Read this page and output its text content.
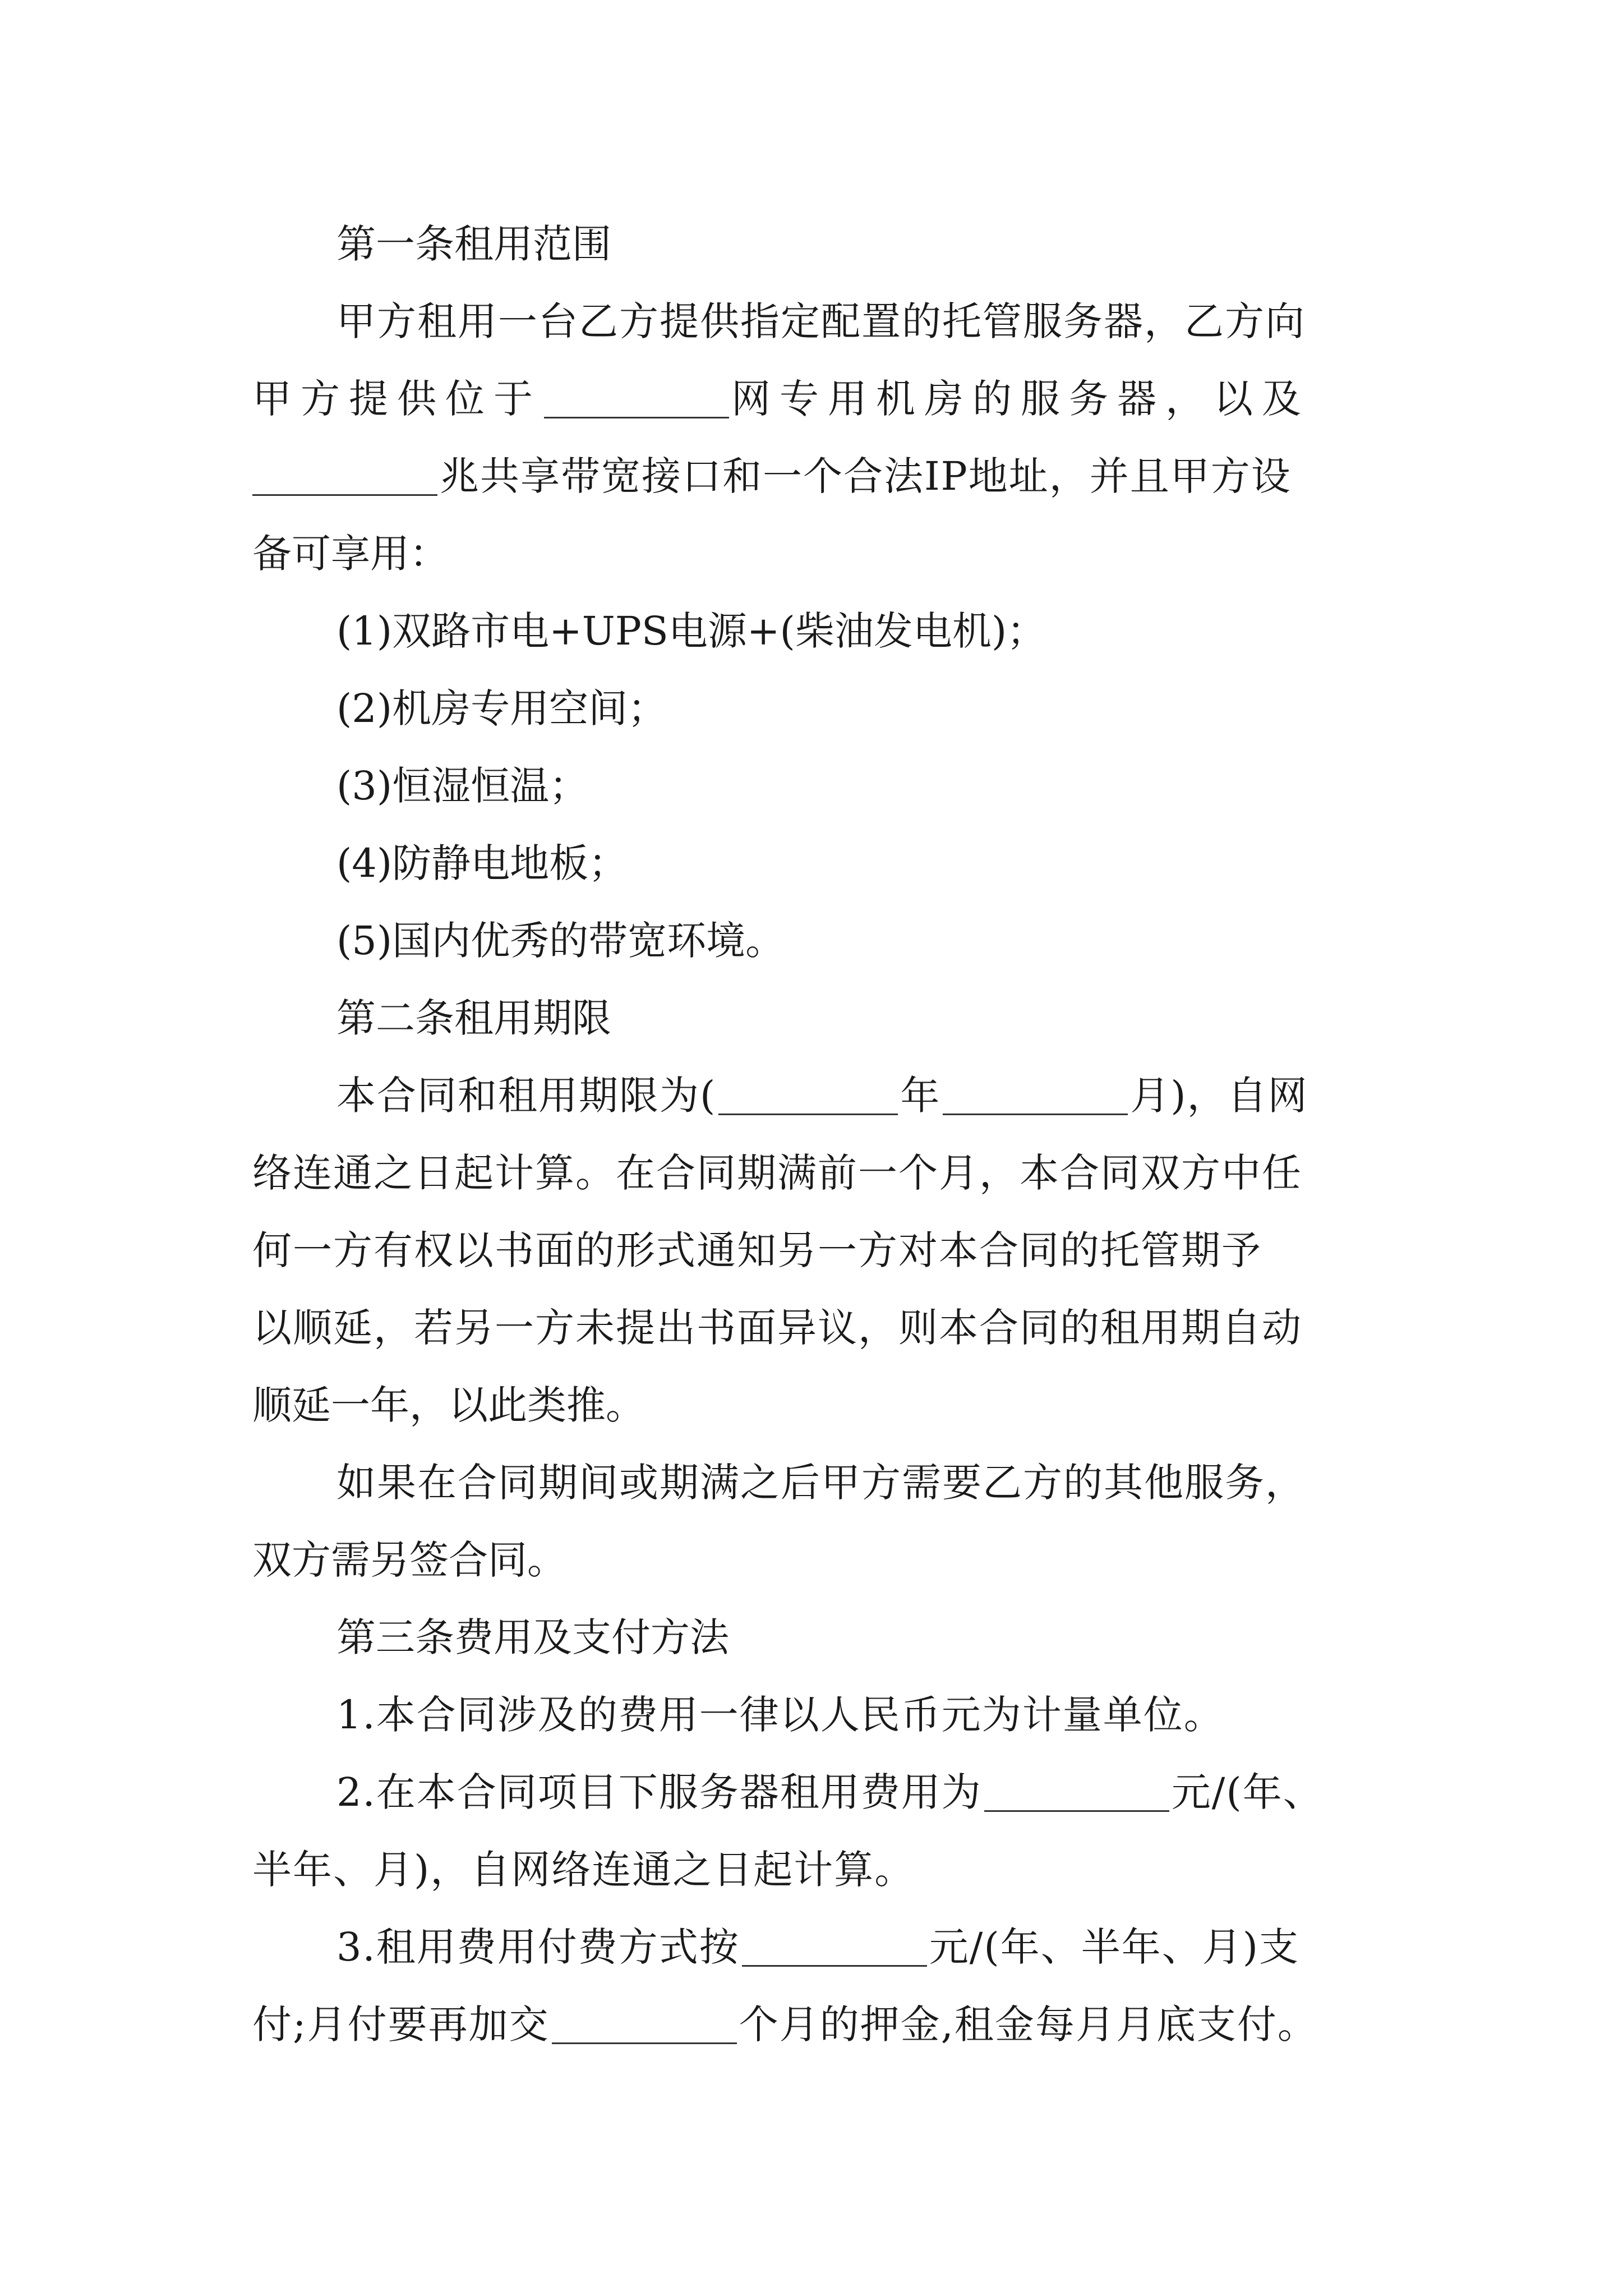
第一条租用范围
甲方租用一台乙方提供指定配置的托管服务器，乙方向
甲方提供位于	网专用机房的服务器，以及
兆共享带宽接口和一个合法IP地址，并且甲方设
备可享用：
(1)双路市电+UPS电源+(柴油发电机)；
(2)机房专用空间；
(3)恒湿恒温；
(4)防静电地板；
(5)国内优秀的带宽环境。
第二条租用期限
本合同和租用期限为(	年	月)，自网
络连通之日起计算。在合同期满前一个月，本合同双方中任
何一方有权以书面的形式通知另一方对本合同的托管期予
以顺延，若另一方未提出书面异议，则本合同的租用期自动
顺延一年，以此类推。
如果在合同期间或期满之后甲方需要乙方的其他服务，
双方需另签合同。
第三条费用及支付方法
1.本合同涉及的费用一律以人民币元为计量单位。
2.在本合同项目下服务器租用费用为	元/(年、
半年、月)，自网络连通之日起计算。
3.租用费用付费方式按	元/(年、半年、月)支
付;月付要再加交	个月的押金,租金每月月底支付。
